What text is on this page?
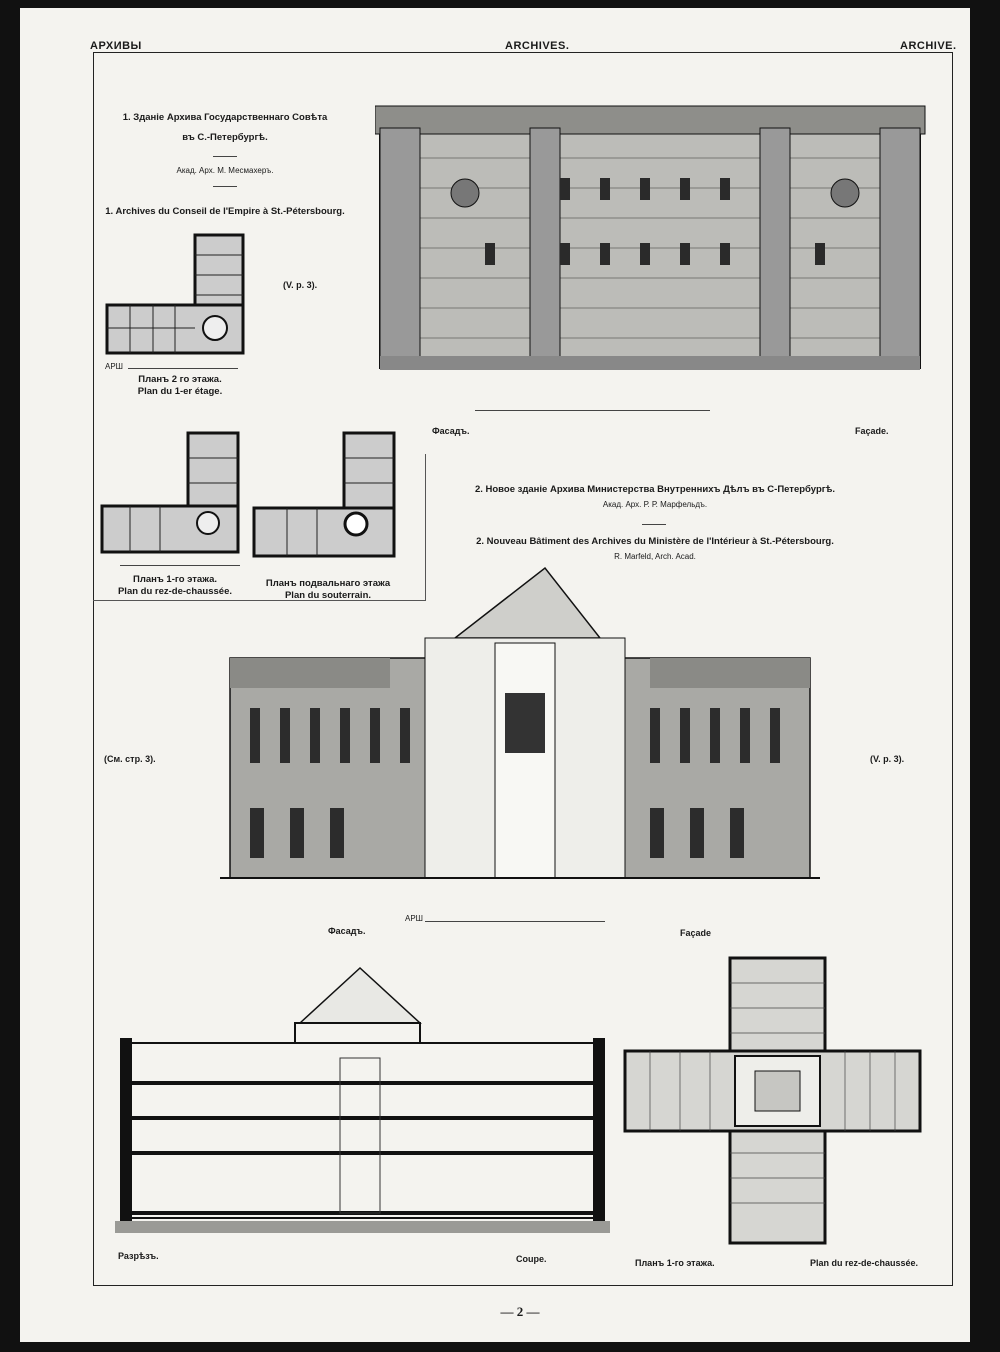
АРХИВЫ	ARCHIVES.	ARCHIVE.
1. Зданiе Архива Государственнаго Совѣта
въ С.-Петербургѣ.
Акад. Арх. М. Месмахеръ.
1. Archives du Conseil de l'Empire à St.-Pétersbourg.
(V. p. 3).
АРШ
Планъ 2 го этажа.
Plan du 1-er étage.
Планъ 1-го этажа.
Plan du rez-de-chaussée.
Планъ подвальнаго этажа
Plan du souterrain.
Фасадъ.	Façade.
2. Новое зданiе Архива Министерства Внутреннихъ Дѣлъ въ С-Петербургѣ.
Акад. Арх. Р. Р. Марфельдъ.
2. Nouveau Bâtiment des Archives du Ministère de l'Intérieur à St.-Pétersbourg.
R. Marfeld, Arch. Acad.
(См. стр. 3).	(V. p. 3).
АРШ
Фасадъ.	Façade
Разрѣзъ.	Coupe.	Планъ 1-го этажа.	Plan du rez-de-chaussée.
— 2 —
